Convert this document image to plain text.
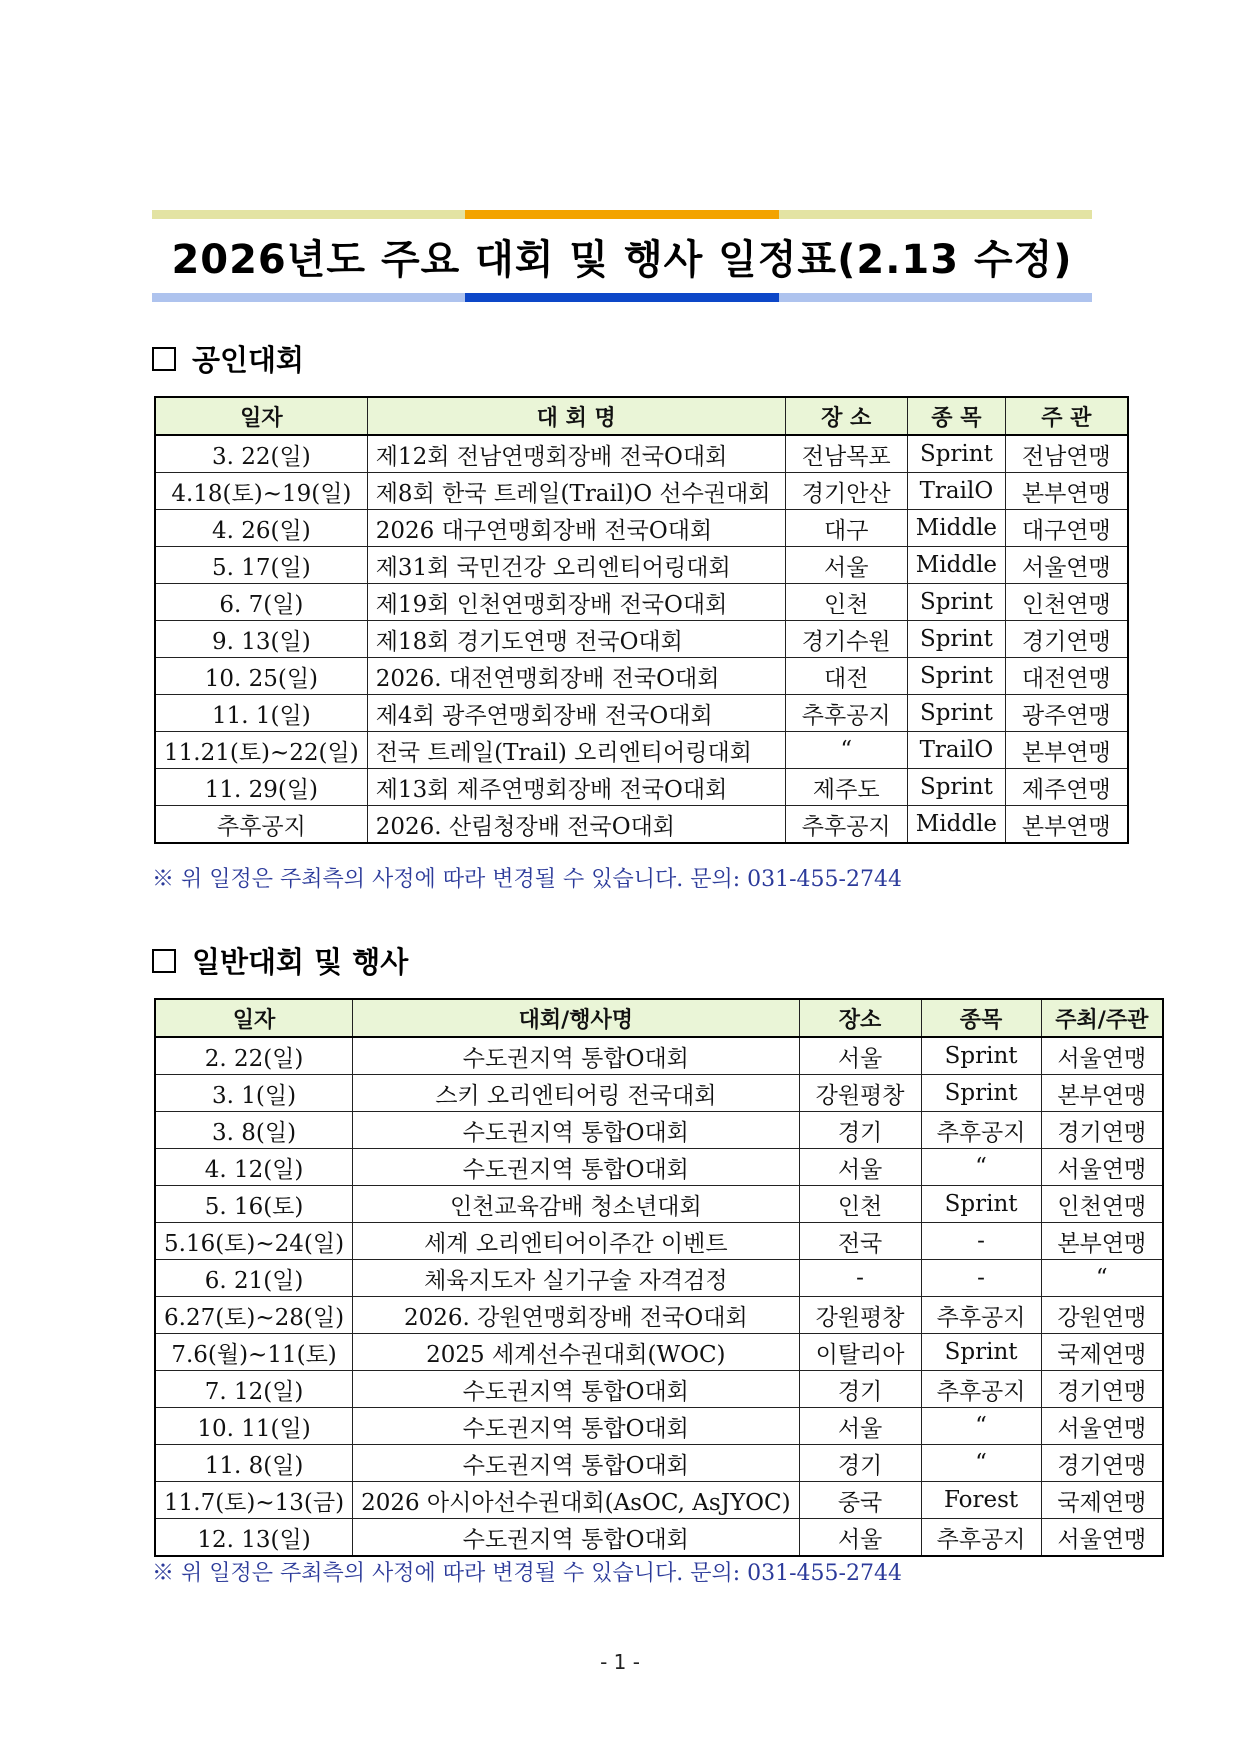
2026년도 주요 대회 및 행사 일정표(2.13 수정)
공인대회
일자	대 회 명	장 소	종 목	주 관
3. 22(일)	제12회 전남연맹회장배 전국O대회	전남목포	Sprint	전남연맹
4.18(토)~19(일)	제8회 한국 트레일(Trail)O 선수권대회	경기안산	TrailO	본부연맹
4. 26(일)	2026 대구연맹회장배 전국O대회	대구	Middle	대구연맹
5. 17(일)	제31회 국민건강 오리엔티어링대회	서울	Middle	서울연맹
6. 7(일)	제19회 인천연맹회장배 전국O대회	인천	Sprint	인천연맹
9. 13(일)	제18회 경기도연맹 전국O대회	경기수원	Sprint	경기연맹
10. 25(일)	2026. 대전연맹회장배 전국O대회	대전	Sprint	대전연맹
11. 1(일)	제4회 광주연맹회장배 전국O대회	추후공지	Sprint	광주연맹
11.21(토)~22(일)	전국 트레일(Trail) 오리엔티어링대회	“	TrailO	본부연맹
11. 29(일)	제13회 제주연맹회장배 전국O대회	제주도	Sprint	제주연맹
추후공지	2026. 산림청장배 전국O대회	추후공지	Middle	본부연맹
※ 위 일정은 주최측의 사정에 따라 변경될 수 있습니다. 문의: 031-455-2744
일반대회 및 행사
일자	대회/행사명	장소	종목	주최/주관
2. 22(일)	수도권지역 통합O대회	서울	Sprint	서울연맹
3. 1(일)	스키 오리엔티어링 전국대회	강원평창	Sprint	본부연맹
3. 8(일)	수도권지역 통합O대회	경기	추후공지	경기연맹
4. 12(일)	수도권지역 통합O대회	서울	“	서울연맹
5. 16(토)	인천교육감배 청소년대회	인천	Sprint	인천연맹
5.16(토)~24(일)	세계 오리엔티어이주간 이벤트	전국	-	본부연맹
6. 21(일)	체육지도자 실기구술 자격검정	-	-	“
6.27(토)~28(일)	2026. 강원연맹회장배 전국O대회	강원평창	추후공지	강원연맹
7.6(월)~11(토)	2025 세계선수권대회(WOC)	이탈리아	Sprint	국제연맹
7. 12(일)	수도권지역 통합O대회	경기	추후공지	경기연맹
10. 11(일)	수도권지역 통합O대회	서울	“	서울연맹
11. 8(일)	수도권지역 통합O대회	경기	“	경기연맹
11.7(토)~13(금)	2026 아시아선수권대회(AsOC, AsJYOC)	중국	Forest	국제연맹
12. 13(일)	수도권지역 통합O대회	서울	추후공지	서울연맹
※ 위 일정은 주최측의 사정에 따라 변경될 수 있습니다. 문의: 031-455-2744
- 1 -
